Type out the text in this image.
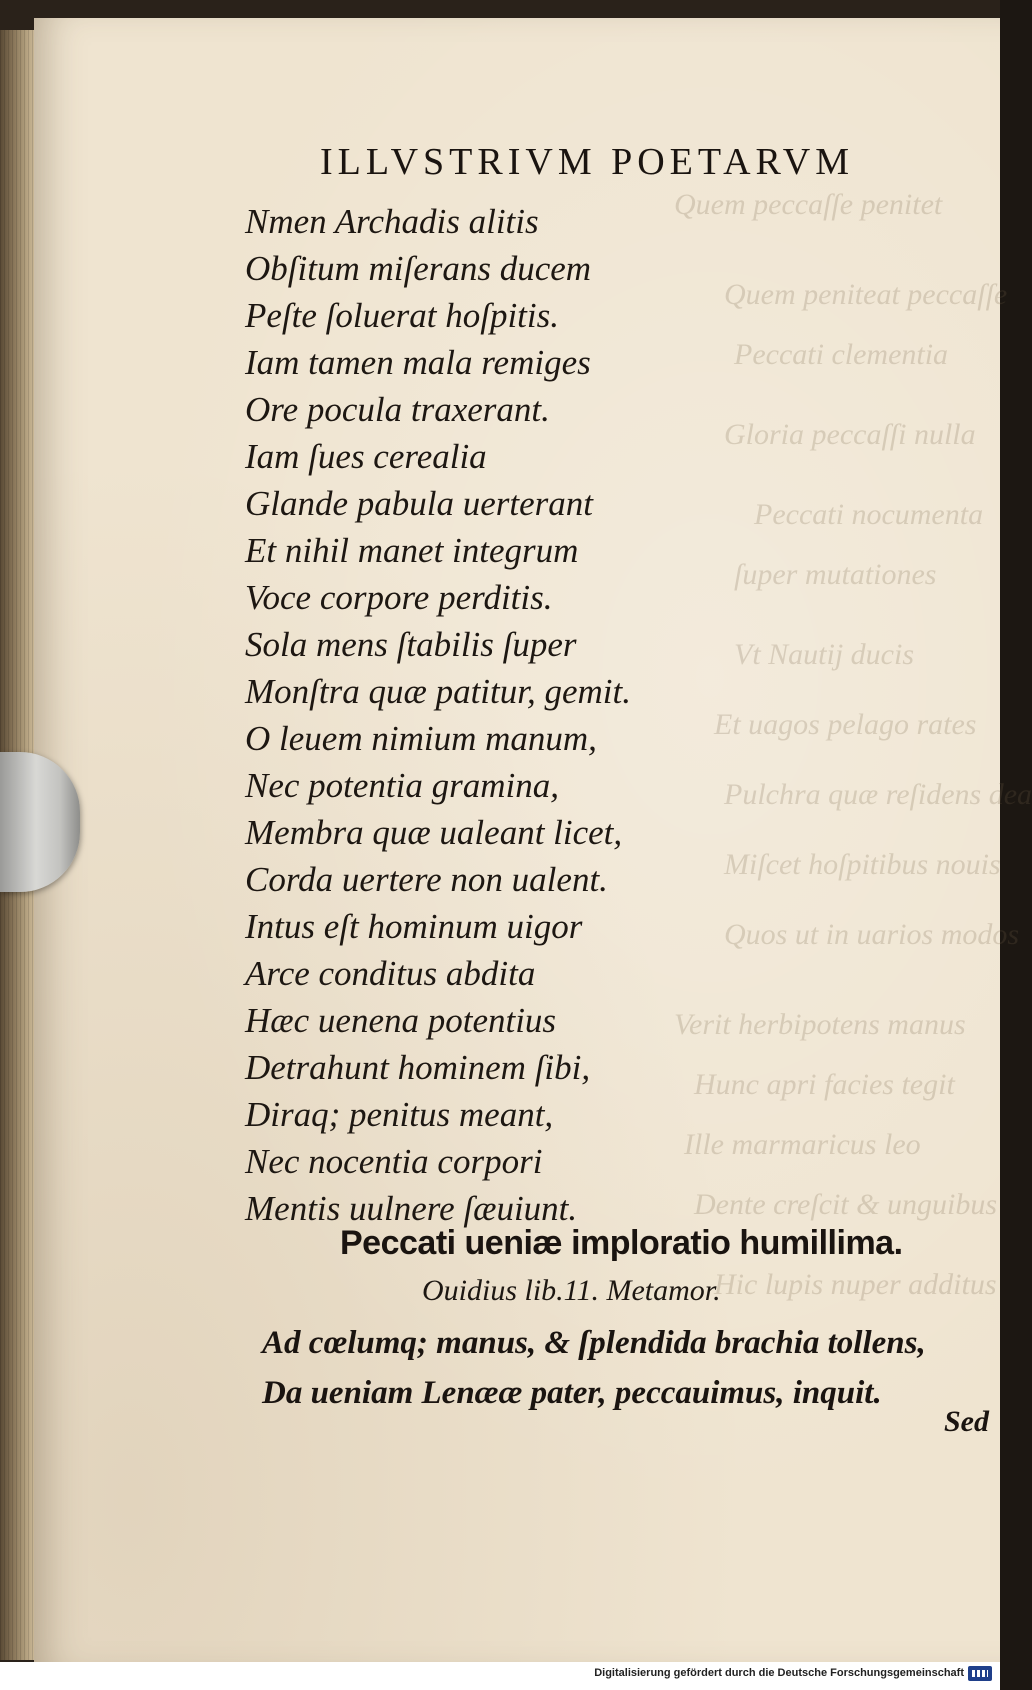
Quem peccaſſe penitet
Quem peniteat peccaſſe
Peccati clementia
Gloria peccaſſi nulla
Peccati nocumenta
ſuper mutationes
Vt Nautij ducis
Et uagos pelago rates
Pulchra quæ reſidens dea
Miſcet hoſpitibus nouis
Quos ut in uarios modos
Verit herbipotens manus
Hunc apri facies tegit
Ille marmaricus leo
Dente creſcit & unguibus
Hic lupis nuper additus
ILLVSTRIVM POETARVM
Nmen Archadis alitis
Obſitum miſerans ducem
Peſte ſoluerat hoſpitis.
Iam tamen mala remiges
Ore pocula traxerant.
Iam ſues cerealia
Glande pabula uerterant
Et nihil manet integrum
Voce corpore perditis.
Sola mens ſtabilis ſuper
Monſtra quæ patitur, gemit.
O leuem nimium manum,
Nec potentia gramina,
Membra quæ ualeant licet,
Corda uertere non ualent.
Intus eſt hominum uigor
Arce conditus abdita
Hæc uenena potentius
Detrahunt hominem ſibi,
Diraq; penitus meant,
Nec nocentia corpori
Mentis uulnere ſæuiunt.
Peccati ueniæ imploratio humillima.
Ouidius lib.11. Metamor.
Ad cœlumq; manus, & ſplendida brachia tollens,
Da ueniam Lenææ pater, peccauimus, inquit.
Sed
Digitalisierung gefördert durch die Deutsche Forschungsgemeinschaft
